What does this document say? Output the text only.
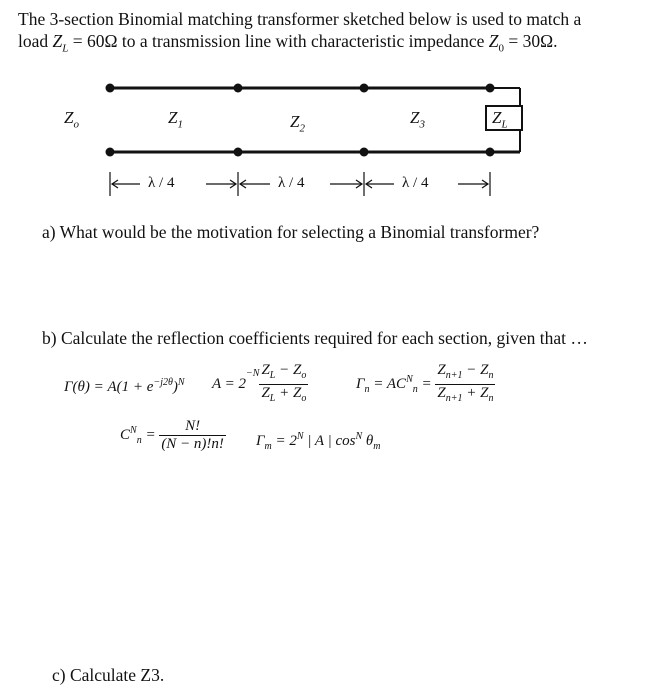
The 3-section Binomial matching transformer sketched below is used to match a
load $Z_L = 60\Omega$ to a transmission line with characteristic impedance $Z_0 = 30\Omega$.
$Z_o$	$Z_1$	$Z_2$
$Z_3$	$Z_L$
λ / 4	λ / 4	λ / 4
a) What would be the motivation for selecting a Binomial transformer?
b) Calculate the reflection coefficients required for each section, given that …
c) Calculate Z3.
$\Gamma(\theta) = A(1 + e^{-j2\theta})^N$ $A = 2^{-N} \frac{Z_L - Z_o}{Z_L + Z_o}$	$\Gamma_n = AC^N_n = \frac{Z_{n+1} - Z_n}{Z_{n+1} + Z_n}$
$C^N_n = \frac{N!}{(N - n)!n!} \Gamma_m = 2^N$ | A | $\cos^N \theta_m$
